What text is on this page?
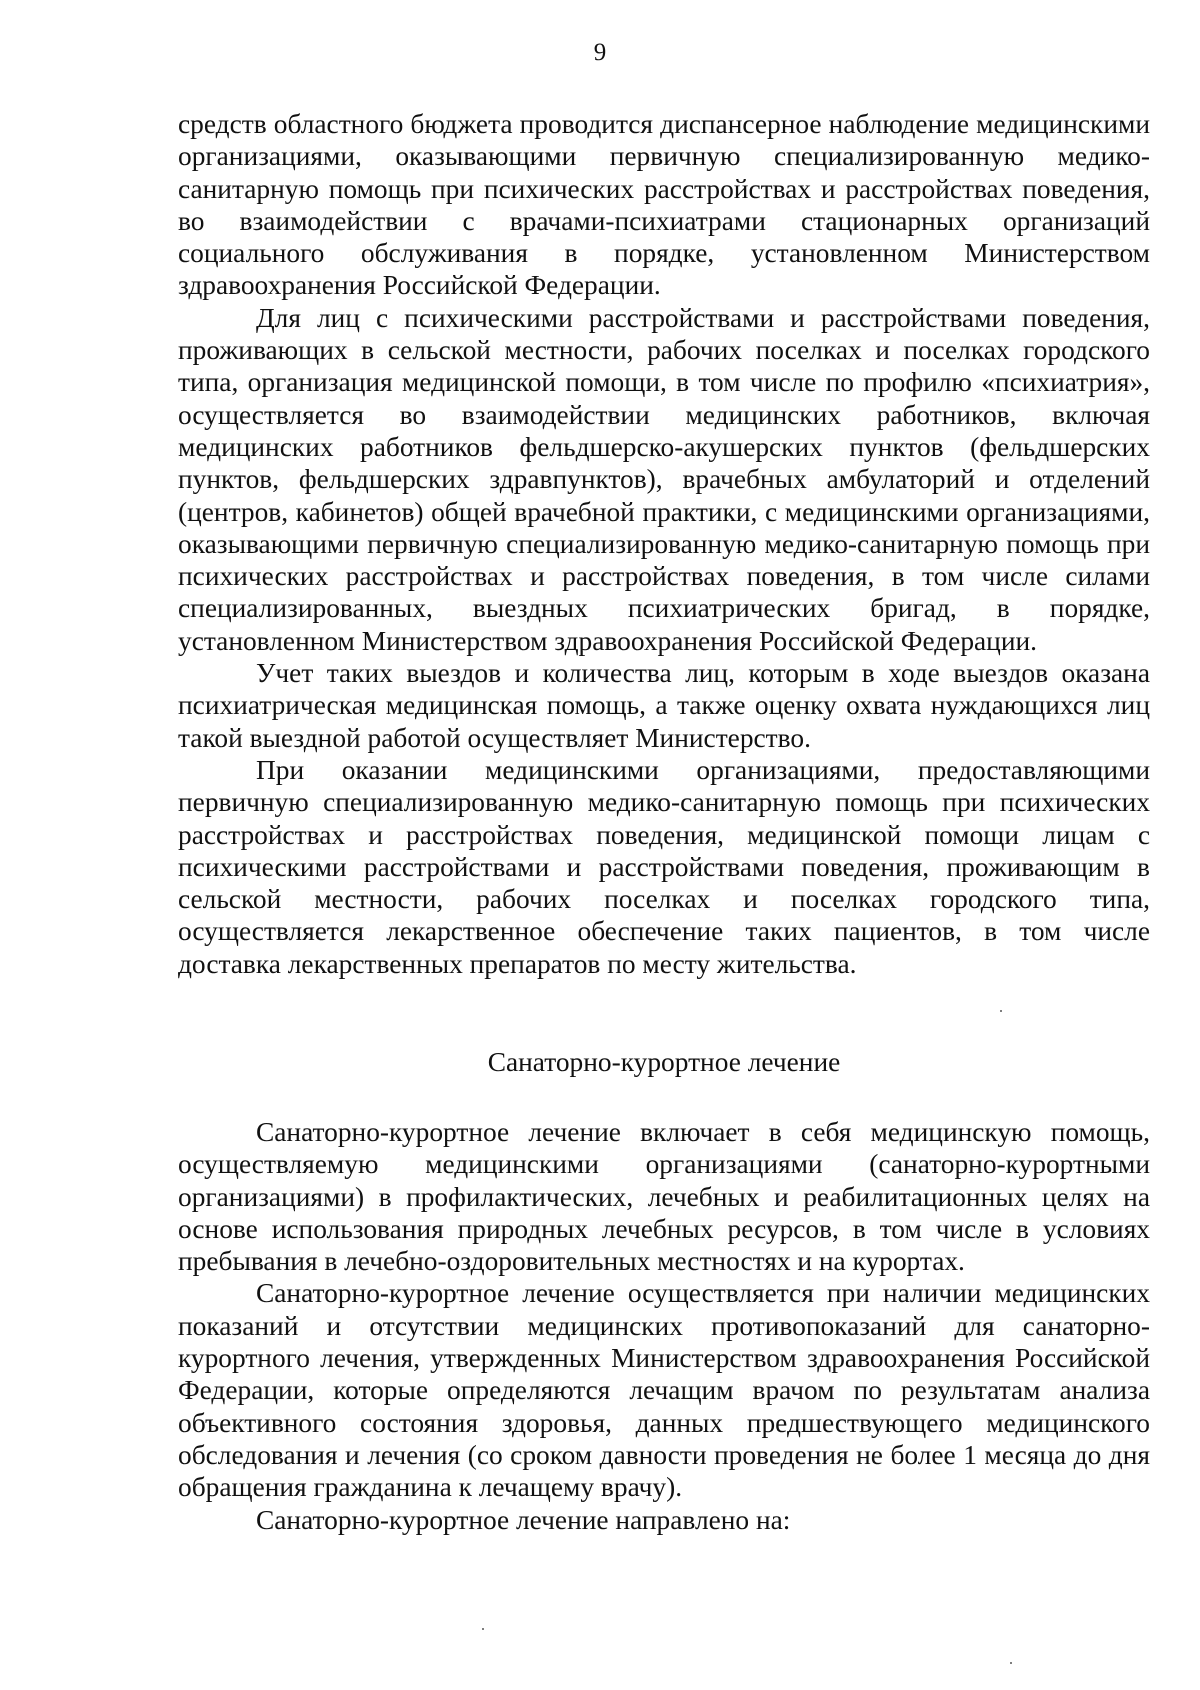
9

средств областного бюджета проводится диспансерное наблюдение медицинскими организациями, оказывающими первичную специализированную медико-санитарную помощь при психических расстройствах и расстройствах поведения, во взаимодействии с врачами-психиатрами стационарных организаций социального обслуживания в порядке, установленном Министерством здравоохранения Российской Федерации.

Для лиц с психическими расстройствами и расстройствами поведения, проживающих в сельской местности, рабочих поселках и поселках городского типа, организация медицинской помощи, в том числе по профилю «психиатрия», осуществляется во взаимодействии медицинских работников, включая медицинских работников фельдшерско-акушерских пунктов (фельдшерских пунктов, фельдшерских здравпунктов), врачебных амбулаторий и отделений (центров, кабинетов) общей врачебной практики, с медицинскими организациями, оказывающими первичную специализированную медико-санитарную помощь при психических расстройствах и расстройствах поведения, в том числе силами специализированных, выездных психиатрических бригад, в порядке, установленном Министерством здравоохранения Российской Федерации.

Учет таких выездов и количества лиц, которым в ходе выездов оказана психиатрическая медицинская помощь, а также оценку охвата нуждающихся лиц такой выездной работой осуществляет Министерство.

При оказании медицинскими организациями, предоставляющими первичную специализированную медико-санитарную помощь при психических расстройствах и расстройствах поведения, медицинской помощи лицам с психическими расстройствами и расстройствами поведения, проживающим в сельской местности, рабочих поселках и поселках городского типа, осуществляется лекарственное обеспечение таких пациентов, в том числе доставка лекарственных препаратов по месту жительства.

Санаторно-курортное лечение

Санаторно-курортное лечение включает в себя медицинскую помощь, осуществляемую медицинскими организациями (санаторно-курортными организациями) в профилактических, лечебных и реабилитационных целях на основе использования природных лечебных ресурсов, в том числе в условиях пребывания в лечебно-оздоровительных местностях и на курортах.

Санаторно-курортное лечение осуществляется при наличии медицинских показаний и отсутствии медицинских противопоказаний для санаторно-курортного лечения, утвержденных Министерством здравоохранения Российской Федерации, которые определяются лечащим врачом по результатам анализа объективного состояния здоровья, данных предшествующего медицинского обследования и лечения (со сроком давности проведения не более 1 месяца до дня обращения гражданина к лечащему врачу).

Санаторно-курортное лечение направлено на:
